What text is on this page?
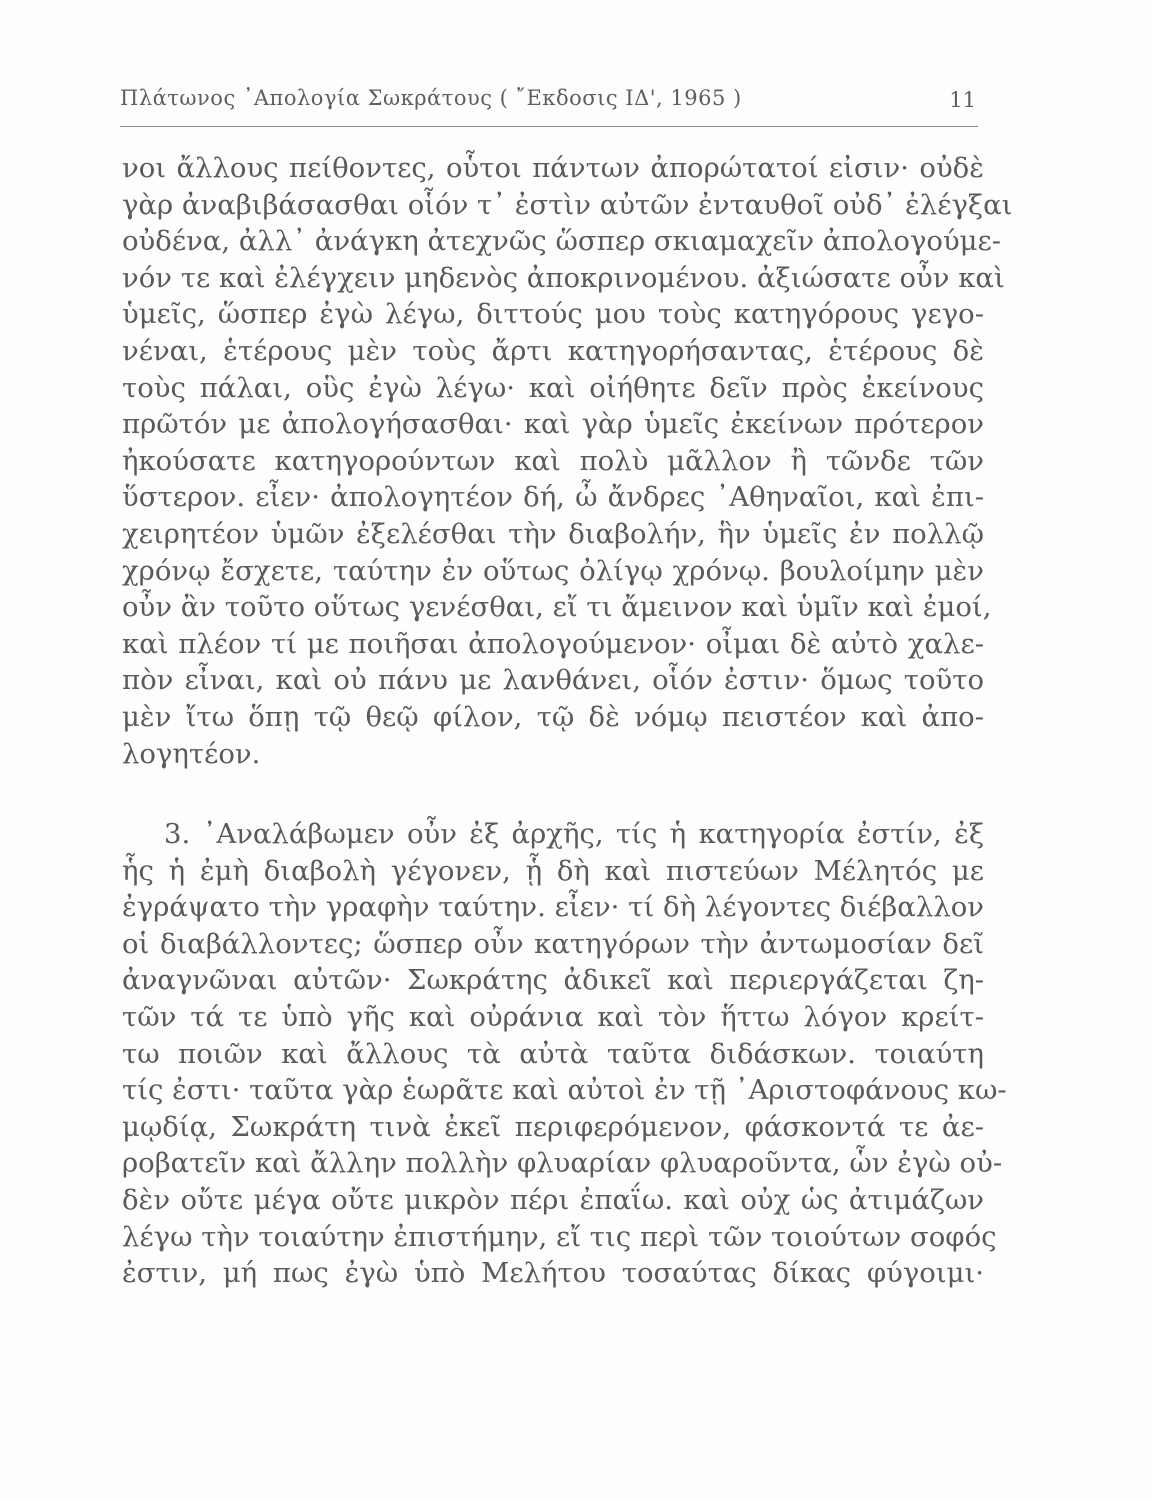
Πλάτωνος ᾿Απολογία Σωκράτους ( ῎Εκδοσις ΙΔ', 1965 )	11
νοι ἄλλους πείθοντες, οὗτοι πάντων ἀπορώτατοί εἰσιν· οὐδὲ
γὰρ ἀναβιβάσασθαι οἷόν τ᾿ ἐστὶν αὐτῶν ἐνταυθοῖ οὐδ᾿ ἐλέγξαι
οὐδένα, ἀλλ᾿ ἀνάγκη ἀτεχνῶς ὥσπερ σκιαμαχεῖν ἀπολογούμε-
νόν τε καὶ ἐλέγχειν μηδενὸς ἀποκρινομένου. ἀξιώσατε οὖν καὶ
ὑμεῖς, ὥσπερ ἐγὼ λέγω, διττούς μου τοὺς κατηγόρους γεγο-
νέναι, ἑτέρους μὲν τοὺς ἄρτι κατηγορήσαντας, ἑτέρους δὲ
τοὺς πάλαι, οὓς ἐγὼ λέγω· καὶ οἰήθητε δεῖν πρὸς ἐκείνους
πρῶτόν με ἀπολογήσασθαι· καὶ γὰρ ὑμεῖς ἐκείνων πρότερον
ἠκούσατε κατηγορούντων καὶ πολὺ μᾶλλον ἢ τῶνδε τῶν
ὕστερον. εἶεν· ἀπολογητέον δή, ὦ ἄνδρες ᾿Αθηναῖοι, καὶ ἐπι-
χειρητέον ὑμῶν ἐξελέσθαι τὴν διαβολήν, ἣν ὑμεῖς ἐν πολλῷ
χρόνῳ ἔσχετε, ταύτην ἐν οὕτως ὀλίγῳ χρόνῳ. βουλοίμην μὲν
οὖν ἂν τοῦτο οὕτως γενέσθαι, εἴ τι ἄμεινον καὶ ὑμῖν καὶ ἐμοί,
καὶ πλέον τί με ποιῆσαι ἀπολογούμενον· οἶμαι δὲ αὐτὸ χαλε-
πὸν εἶναι, καὶ οὐ πάνυ με λανθάνει, οἷόν ἐστιν· ὅμως τοῦτο
μὲν ἴτω ὅπῃ τῷ θεῷ φίλον, τῷ δὲ νόμῳ πειστέον καὶ ἀπο-
λογητέον.
3. ᾿Αναλάβωμεν οὖν ἐξ ἀρχῆς, τίς ἡ κατηγορία ἐστίν, ἐξ
ἧς ἡ ἐμὴ διαβολὴ γέγονεν, ᾗ δὴ καὶ πιστεύων Μέλητός με
ἐγράψατο τὴν γραφὴν ταύτην. εἶεν· τί δὴ λέγοντες διέβαλλον
οἱ διαβάλλοντες; ὥσπερ οὖν κατηγόρων τὴν ἀντωμοσίαν δεῖ
ἀναγνῶναι αὐτῶν· Σωκράτης ἀδικεῖ καὶ περιεργάζεται ζη-
τῶν τά τε ὑπὸ γῆς καὶ οὐράνια καὶ τὸν ἥττω λόγον κρείτ-
τω ποιῶν καὶ ἄλλους τὰ αὐτὰ ταῦτα διδάσκων. τοιαύτη
τίς ἐστι· ταῦτα γὰρ ἑωρᾶτε καὶ αὐτοὶ ἐν τῇ ᾿Αριστοφάνους κω-
μῳδίᾳ, Σωκράτη τινὰ ἐκεῖ περιφερόμενον, φάσκοντά τε ἀε-
ροβατεῖν καὶ ἄλλην πολλὴν φλυαρίαν φλυαροῦντα, ὧν ἐγὼ οὐ-
δὲν οὔτε μέγα οὔτε μικρὸν πέρι ἐπαΐω. καὶ οὐχ ὡς ἀτιμάζων
λέγω τὴν τοιαύτην ἐπιστήμην, εἴ τις περὶ τῶν τοιούτων σοφός
ἐστιν, μή πως ἐγὼ ὑπὸ Μελήτου τοσαύτας δίκας φύγοιμι·
